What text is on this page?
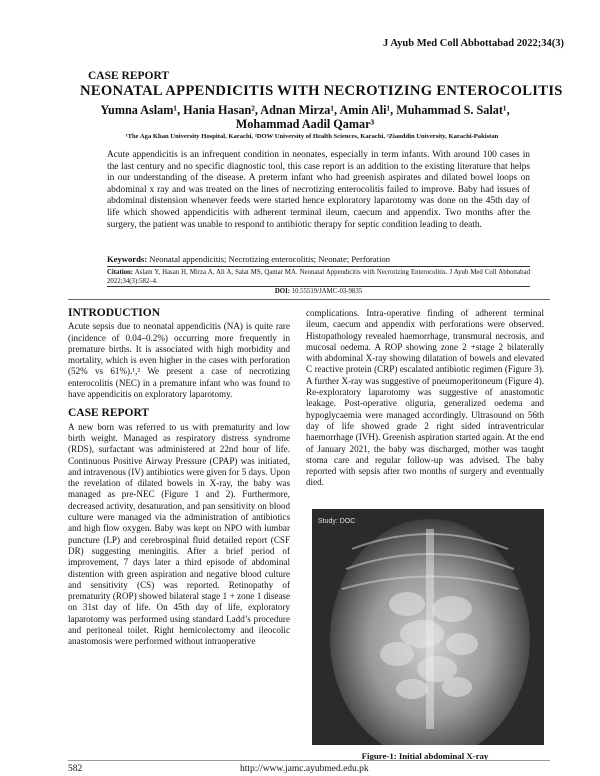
J Ayub Med Coll Abbottabad 2022;34(3)
CASE REPORT
NEONATAL APPENDICITIS WITH NECROTIZING ENTEROCOLITIS
Yumna Aslam¹, Hania Hasan², Adnan Mirza¹, Amin Ali¹, Muhammad S. Salat¹,
Mohammad Aadil Qamar³
¹The Aga Khan University Hospital, Karachi, ²DOW University of Health Sciences, Karachi, ³Ziauddin University, Karachi-Pakistan
Acute appendicitis is an infrequent condition in neonates, especially in term infants. With around 100 cases in the last century and no specific diagnostic tool, this case report is an addition to the existing literature that helps in our understanding of the disease. A preterm infant who had greenish aspirates and dilated bowel loops on abdominal x ray and was treated on the lines of necrotizing enterocolitis failed to improve. Baby had issues of abdominal distension whenever feeds were started hence exploratory laparotomy was done on the 45th day of life which showed appendicitis with adherent terminal ileum, caecum and appendix. Two months after the surgery, the patient was unable to respond to antibiotic therapy for septic condition leading to death.
Keywords: Neonatal appendicitis; Necrotizing enterocolitis; Neonate; Perforation
Citation: Aslam Y, Hasan H, Mirza A, Ali A, Salat MS, Qamar MA. Neonatal Appendicitis with Necrotizing Enterocolitis. J Ayub Med Coll Abbottabad 2022;34(3):582–4.
DOI: 10.55519/JAMC-03-9835
INTRODUCTION
Acute sepsis due to neonatal appendicitis (NA) is quite rare (incidence of 0.04–0.2%) occurring more frequently in premature births. It is associated with high morbidity and mortality, which is even higher in the cases with perforation (52% vs 61%).¹,² We present a case of necrotizing enterocolitis (NEC) in a premature infant who was found to have appendicitis on exploratory laparotomy.
CASE REPORT
A new born was referred to us with prematurity and low birth weight. Managed as respiratory distress syndrome (RDS), surfactant was administered at 22nd hour of life. Continuous Positive Airway Pressure (CPAP) was initiated, and intravenous (IV) antibiotics were given for 5 days. Upon the revelation of dilated bowels in X-ray, the baby was managed as pre-NEC (Figure 1 and 2). Furthermore, decreased activity, desaturation, and pan sensitivity on blood culture were managed via the administration of antibiotics and high flow oxygen. Baby was kept on NPO with lumbar puncture (LP) and cerebrospinal fluid detailed report (CSF DR) suggesting meningitis. After a brief period of improvement, 7 days later a third episode of abdominal distention with green aspiration and negative blood culture and sensitivity (CS) was reported. Retinopathy of prematurity (ROP) showed bilateral stage 1 + zone 1 disease on 31st day of life. On 45th day of life, exploratory laparotomy was performed using standard Ladd’s procedure and peritoneal toilet. Right hemicolectomy and ileocolic anastomosis were performed without intraoperative
complications. Intra-operative finding of adherent terminal ileum, caecum and appendix with perforations were observed. Histopathology revealed haemorrhage, transmural necrosis, and mucosal oedema. A ROP showing zone 2 +stage 2 bilaterally with abdominal X-ray showing dilatation of bowels and elevated C reactive protein (CRP) escalated antibiotic regimen (Figure 3). A further X-ray was suggestive of pneumoperitoneum (Figure 4). Re-exploratory laparotomy was suggestive of anastomotic leakage. Post-operative oliguria, generalized oedema and hypoglycaemia were managed accordingly. Ultrasound on 56th day of life showed grade 2 right sided intraventricular haemorrhage (IVH). Greenish aspiration started again. At the end of January 2021, the baby was discharged, mother was taught stoma care and regular follow-up was advised. The baby reported with sepsis after two months of surgery and eventually died.
Study: DOC
Figure-1: Initial abdominal X-ray
582	http://www.jamc.ayubmed.edu.pk
